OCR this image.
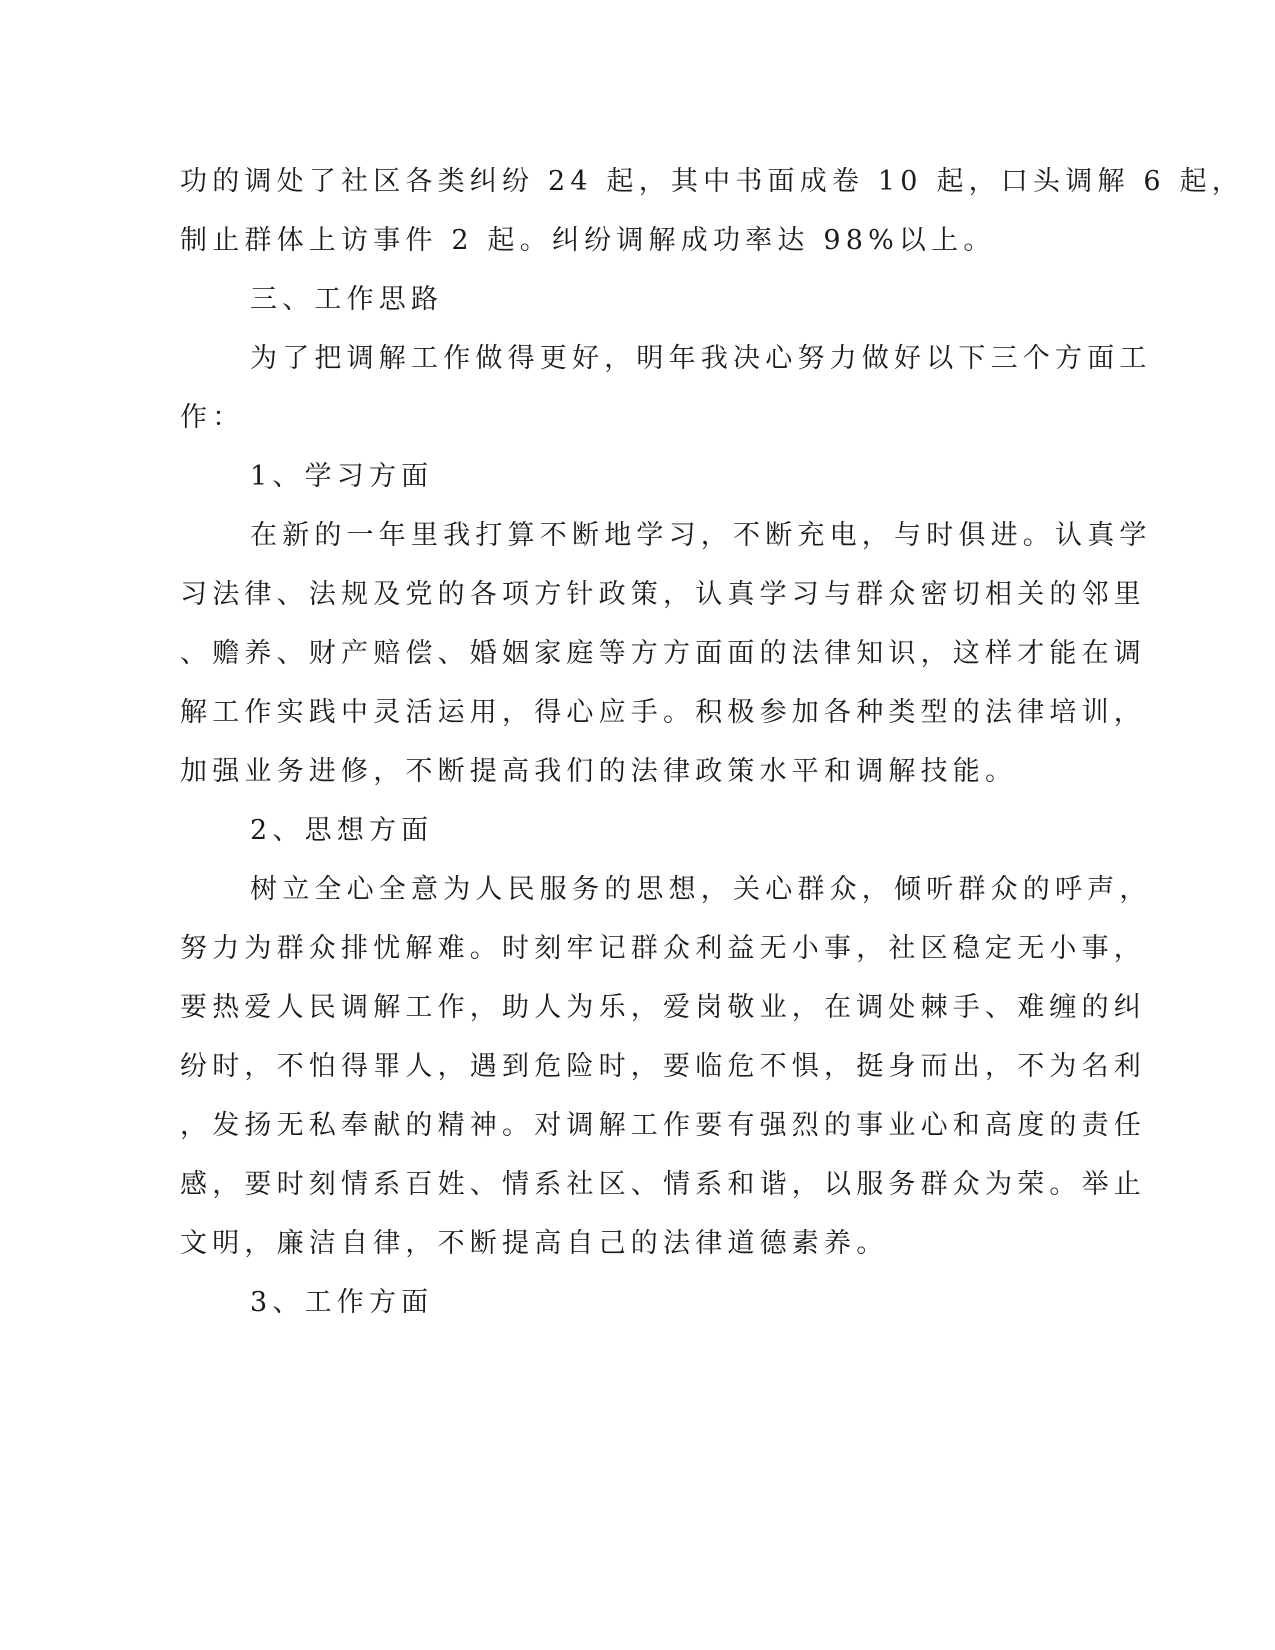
功的调处了社区各类纠纷 24 起，其中书面成卷 10 起，口头调解 6 起，
制止群体上访事件 2 起。纠纷调解成功率达 98%以上。
三、工作思路
为了把调解工作做得更好，明年我决心努力做好以下三个方面工
作：
1、学习方面
在新的一年里我打算不断地学习，不断充电，与时俱进。认真学
习法律、法规及党的各项方针政策，认真学习与群众密切相关的邻里
、赡养、财产赔偿、婚姻家庭等方方面面的法律知识，这样才能在调
解工作实践中灵活运用，得心应手。积极参加各种类型的法律培训，
加强业务进修，不断提高我们的法律政策水平和调解技能。
2、思想方面
树立全心全意为人民服务的思想，关心群众，倾听群众的呼声，
努力为群众排忧解难。时刻牢记群众利益无小事，社区稳定无小事，
要热爱人民调解工作，助人为乐，爱岗敬业，在调处棘手、难缠的纠
纷时，不怕得罪人，遇到危险时，要临危不惧，挺身而出，不为名利
，发扬无私奉献的精神。对调解工作要有强烈的事业心和高度的责任
感，要时刻情系百姓、情系社区、情系和谐，以服务群众为荣。举止
文明，廉洁自律，不断提高自己的法律道德素养。
3、工作方面
